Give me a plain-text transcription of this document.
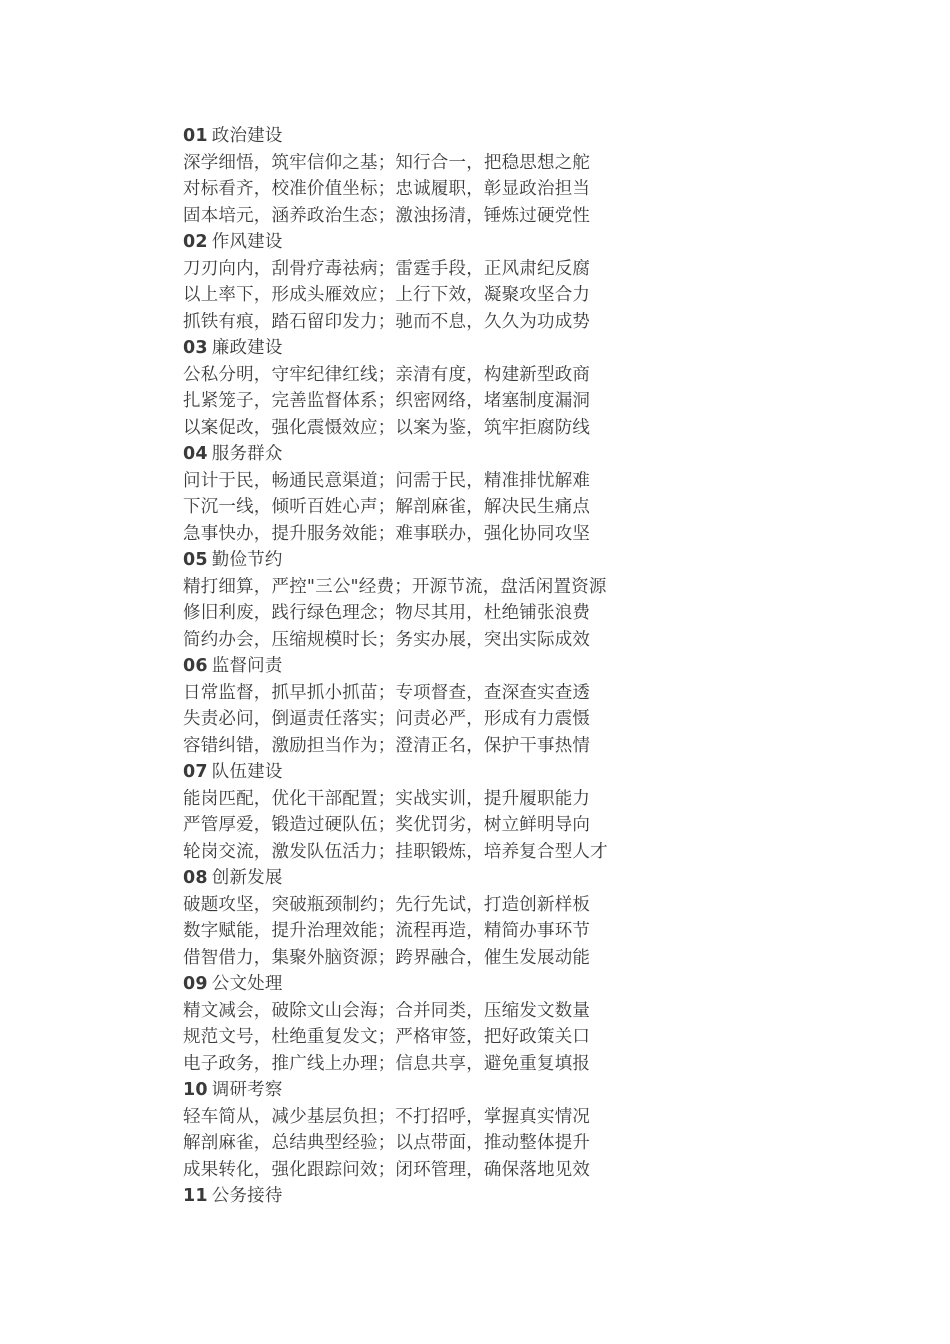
01 政治建设
深学细悟，筑牢信仰之基；知行合一，把稳思想之舵
对标看齐，校准价值坐标；忠诚履职，彰显政治担当
固本培元，涵养政治生态；激浊扬清，锤炼过硬党性
02 作风建设
刀刃向内，刮骨疗毒祛病；雷霆手段，正风肃纪反腐
以上率下，形成头雁效应；上行下效，凝聚攻坚合力
抓铁有痕，踏石留印发力；驰而不息，久久为功成势
03 廉政建设
公私分明，守牢纪律红线；亲清有度，构建新型政商
扎紧笼子，完善监督体系；织密网络，堵塞制度漏洞
以案促改，强化震慑效应；以案为鉴，筑牢拒腐防线
04 服务群众
问计于民，畅通民意渠道；问需于民，精准排忧解难
下沉一线，倾听百姓心声；解剖麻雀，解决民生痛点
急事快办，提升服务效能；难事联办，强化协同攻坚
05 勤俭节约
精打细算，严控"三公"经费；开源节流，盘活闲置资源
修旧利废，践行绿色理念；物尽其用，杜绝铺张浪费
简约办会，压缩规模时长；务实办展，突出实际成效
06 监督问责
日常监督，抓早抓小抓苗；专项督查，查深查实查透
失责必问，倒逼责任落实；问责必严，形成有力震慑
容错纠错，激励担当作为；澄清正名，保护干事热情
07 队伍建设
能岗匹配，优化干部配置；实战实训，提升履职能力
严管厚爱，锻造过硬队伍；奖优罚劣，树立鲜明导向
轮岗交流，激发队伍活力；挂职锻炼，培养复合型人才
08 创新发展
破题攻坚，突破瓶颈制约；先行先试，打造创新样板
数字赋能，提升治理效能；流程再造，精简办事环节
借智借力，集聚外脑资源；跨界融合，催生发展动能
09 公文处理
精文减会，破除文山会海；合并同类，压缩发文数量
规范文号，杜绝重复发文；严格审签，把好政策关口
电子政务，推广线上办理；信息共享，避免重复填报
10 调研考察
轻车简从，减少基层负担；不打招呼，掌握真实情况
解剖麻雀，总结典型经验；以点带面，推动整体提升
成果转化，强化跟踪问效；闭环管理，确保落地见效
11 公务接待
